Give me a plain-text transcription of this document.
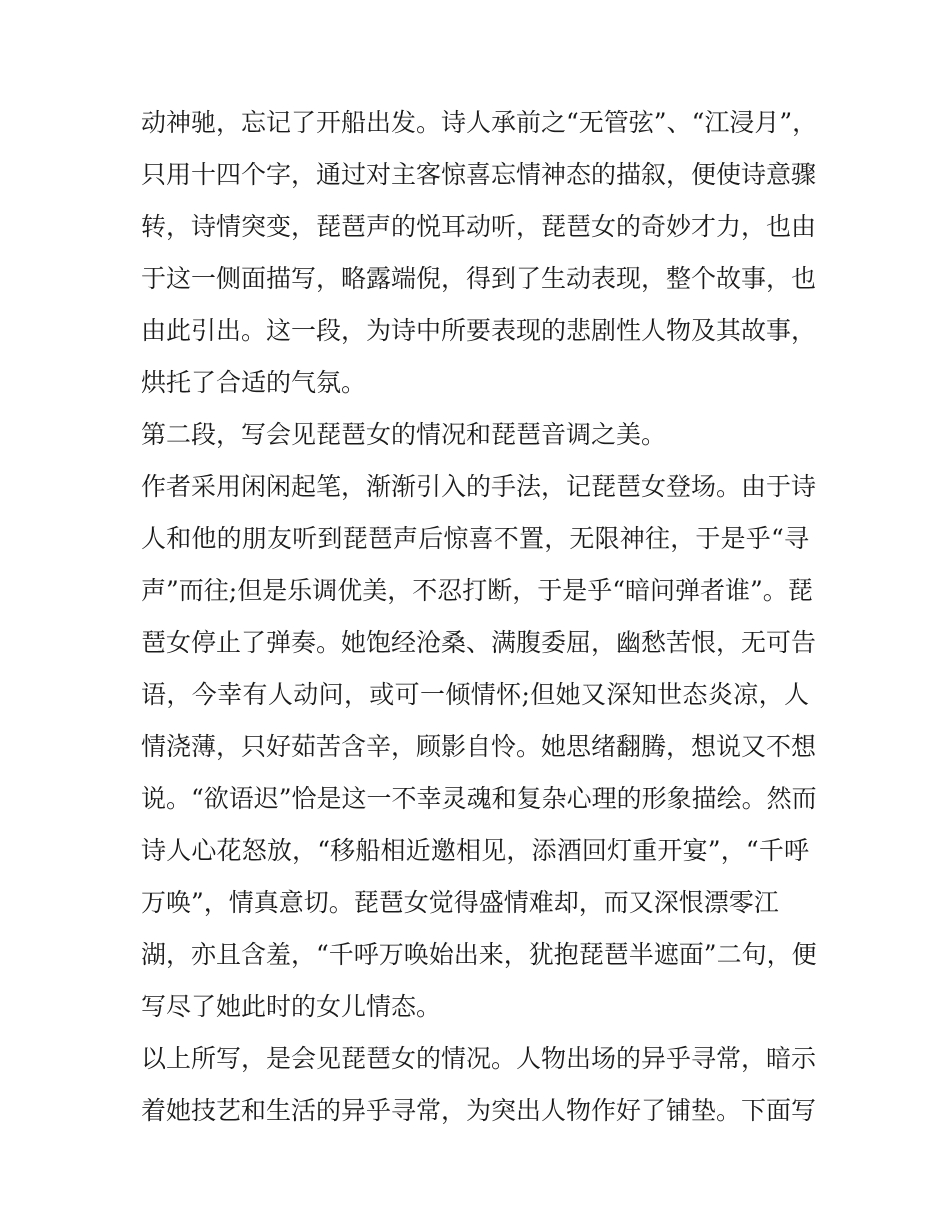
动神驰，忘记了开船出发。诗人承前之“无管弦”、“江浸月”，
只用十四个字，通过对主客惊喜忘情神态的描叙，便使诗意骤
转，诗情突变，琵琶声的悦耳动听，琵琶女的奇妙才力，也由
于这一侧面描写，略露端倪，得到了生动表现，整个故事，也
由此引出。这一段，为诗中所要表现的悲剧性人物及其故事，
烘托了合适的气氛。
第二段，写会见琵琶女的情况和琵琶音调之美。
作者采用闲闲起笔，渐渐引入的手法，记琵琶女登场。由于诗
人和他的朋友听到琵琶声后惊喜不置，无限神往，于是乎“寻
声”而往;但是乐调优美，不忍打断，于是乎“暗问弹者谁”。琵
琶女停止了弹奏。她饱经沧桑、满腹委屈，幽愁苦恨，无可告
语，今幸有人动问，或可一倾情怀;但她又深知世态炎凉，人
情浇薄，只好茹苦含辛，顾影自怜。她思绪翻腾，想说又不想
说。“欲语迟”恰是这一不幸灵魂和复杂心理的形象描绘。然而
诗人心花怒放，“移船相近邀相见，添酒回灯重开宴”，“千呼
万唤”，情真意切。琵琶女觉得盛情难却，而又深恨漂零江
湖，亦且含羞，“千呼万唤始出来，犹抱琵琶半遮面”二句，便
写尽了她此时的女儿情态。
以上所写，是会见琵琶女的情况。人物出场的异乎寻常，暗示
着她技艺和生活的异乎寻常，为突出人物作好了铺垫。下面写
